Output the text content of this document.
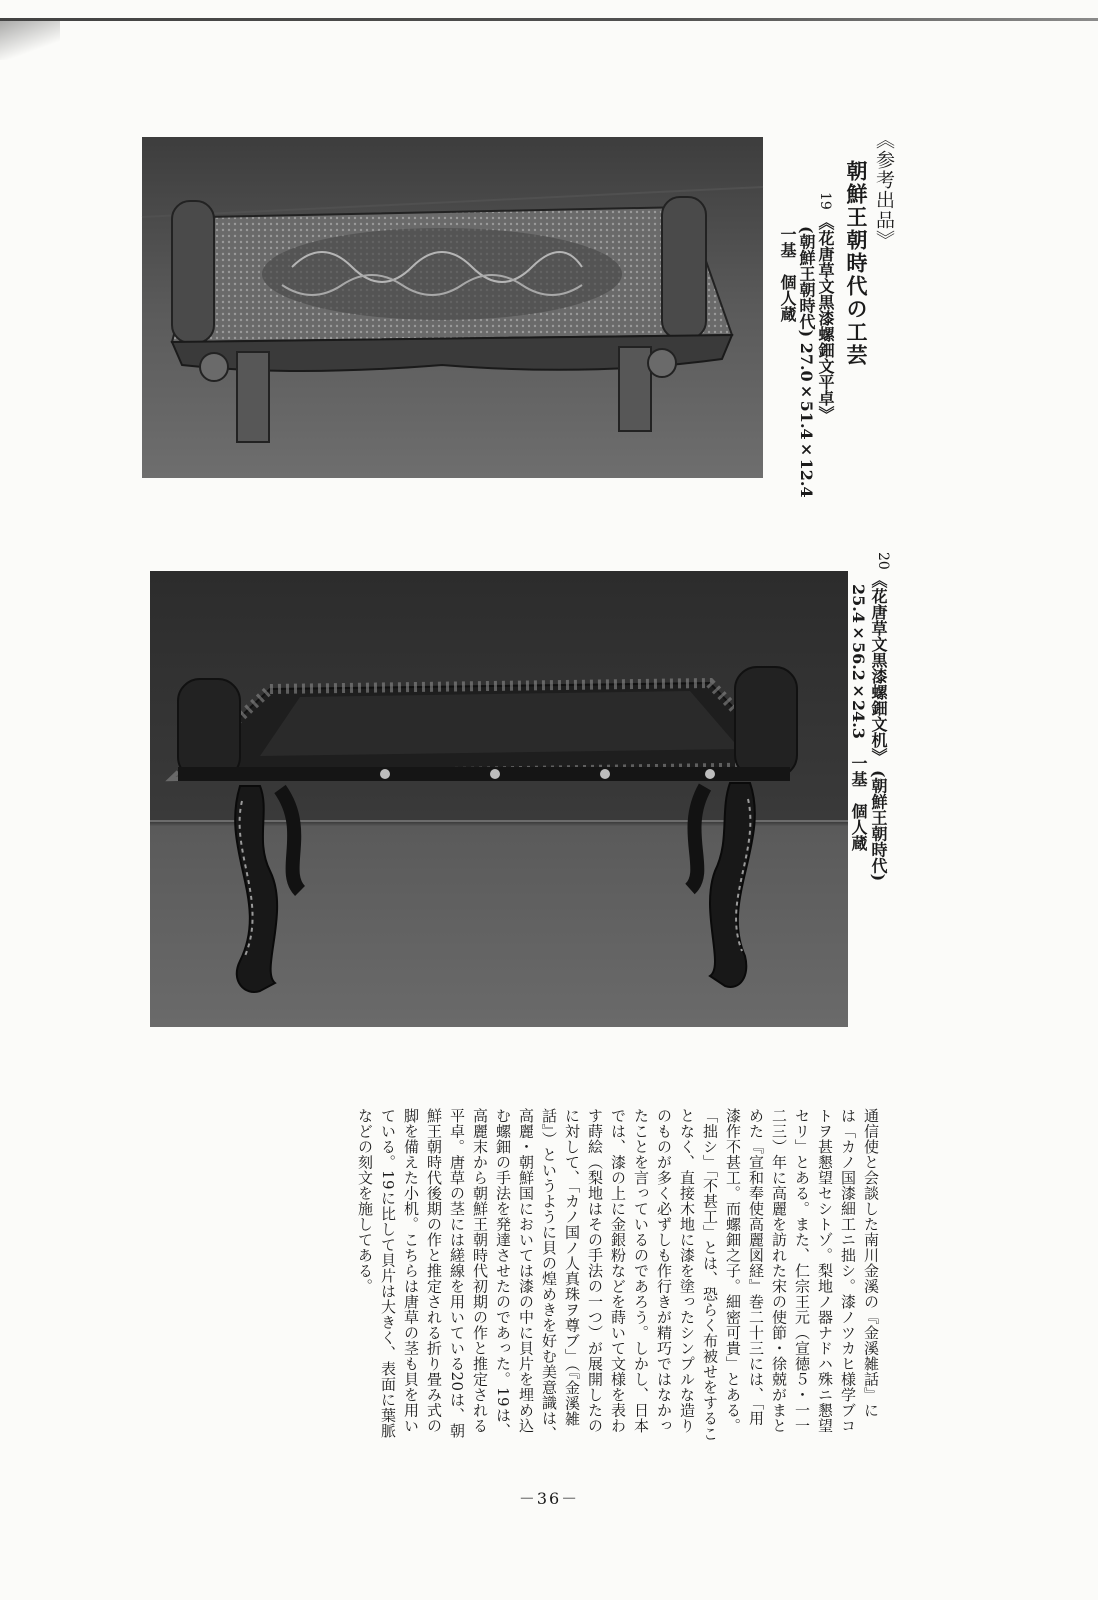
《参考出品》
朝鮮王朝時代の工芸
19
《花唐草文黒漆螺鈿文平卓》
(朝鮮王朝時代) 27.0×51.4×12.4
一基　個人蔵
20
《花唐草文黒漆螺鈿文机》
(朝鮮王朝時代)
25.4×56.2×24.3　一基　個人蔵

通信使と会談した南川金溪の『金溪雑話』に

は「カノ国漆細工ニ拙シ。漆ノツカヒ様学ブコ

トヲ甚懇望セシトゾ。梨地ノ器ナドハ殊ニ懇望

セリ」とある。また、仁宗王元（宣徳５・一一

二三）年に高麗を訪れた宋の使節・徐兢がまと

めた『宣和奉使高麗図経』巻二十三には、「用

漆作不甚工。而螺鈿之子。細密可貴」とある。

「拙シ」「不甚工」とは、恐らく布被せをするこ

となく、直接木地に漆を塗ったシンプルな造り

のものが多く必ずしも作行きが精巧ではなかっ

たことを言っているのであろう。しかし、日本

では、漆の上に金銀粉などを蒔いて文様を表わ

す蒔絵（梨地はその手法の一つ）が展開したの

に対して、「カノ国ノ人真珠ヲ尊ブ」（『金溪雑

話』）というように貝の煌めきを好む美意識は、

高麗・朝鮮国においては漆の中に貝片を埋め込

む螺鈿の手法を発達させたのであった。19は、

高麗末から朝鮮王朝時代初期の作と推定される

平卓。唐草の茎には縒線を用いている20は、朝

鮮王朝時代後期の作と推定される折り畳み式の

脚を備えた小机。こちらは唐草の茎も貝を用い

ている。19に比して貝片は大きく、表面に葉脈

などの刻文を施してある。

－36－
